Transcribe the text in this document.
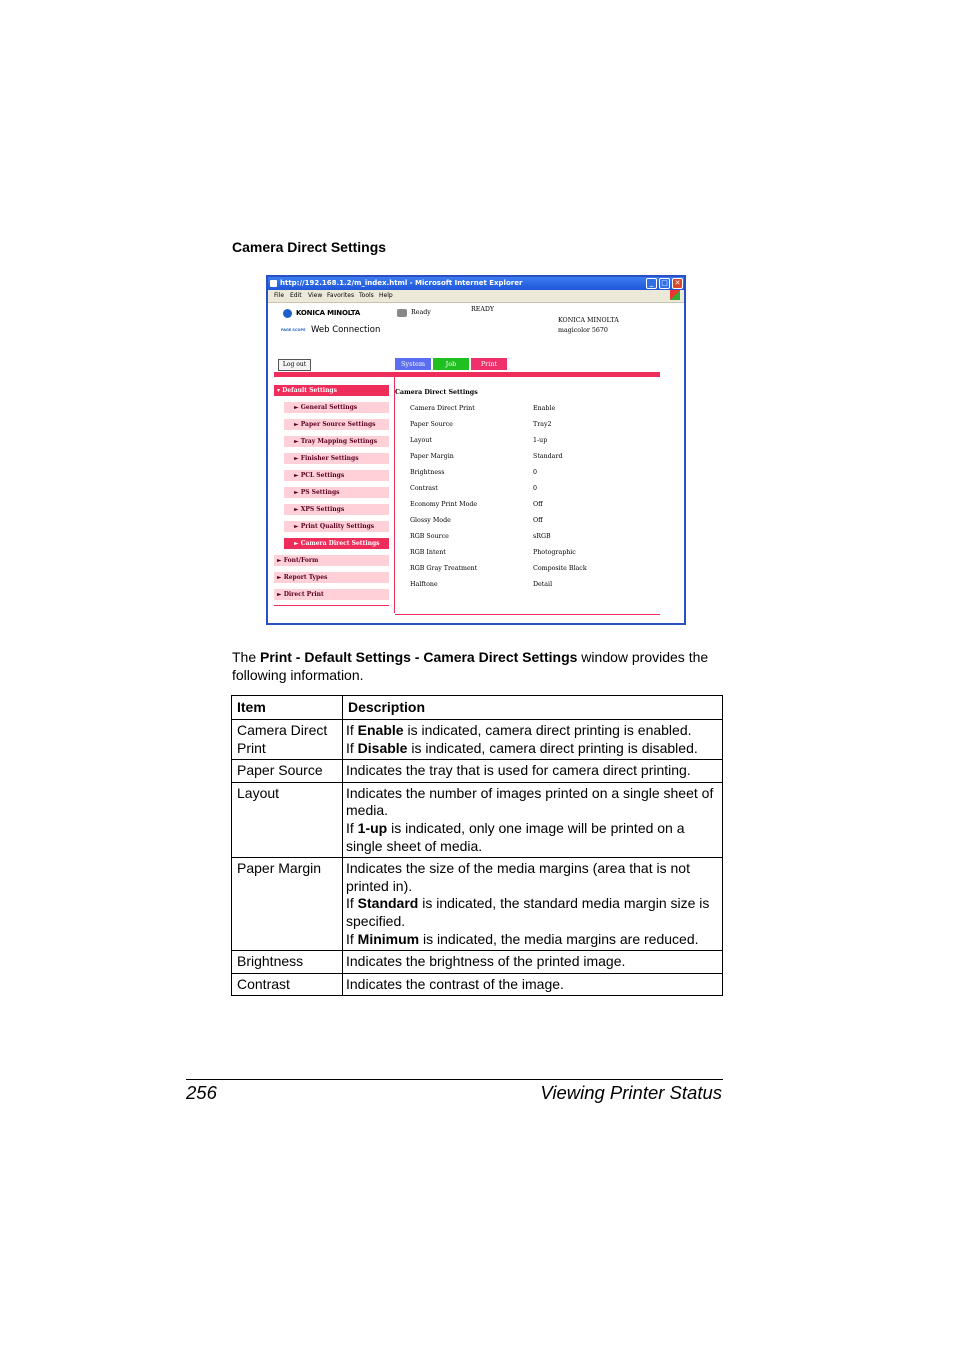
Camera Direct Settings
http://192.168.1.2/m_index.html - Microsoft Internet Explorer	_	□ ✕
File Edit View Favorites Tools Help
KONICA MINOLTA
PAGE SCOPE Web Connection
Ready	READY
KONICA MINOLTA
magicolor 5670
Log out	System	Job	Print
▾ Default Settings
► General Settings
► Paper Source Settings
► Tray Mapping Settings
► Finisher Settings
► PCL Settings
► PS Settings
► XPS Settings
► Print Quality Settings
► Camera Direct Settings
► Font/Form
► Report Types
► Direct Print
Camera Direct Settings
Camera Direct Print	Enable
Paper Source	Tray2
Layout	1-up
Paper Margin	Standard
Brightness	0
Contrast	0
Economy Print Mode	Off
Glossy Mode	Off
RGB Source	sRGB
RGB Intent	Photographic
RGB Gray Treatment	Composite Black
Halftone	Detail
The Print - Default Settings - Camera Direct Settings window provides the following information.
Item	Description
Camera Direct Print	If Enable is indicated, camera direct printing is enabled.
If Disable is indicated, camera direct printing is disabled.

Paper Source	Indicates the tray that is used for camera direct printing.

Layout	Indicates the number of images printed on a single sheet of media.
If 1-up is indicated, only one image will be printed on a single sheet of media.

Paper Margin	Indicates the size of the media margins (area that is not printed in).
If Standard is indicated, the standard media margin size is specified.
If Minimum is indicated, the media margins are reduced.

Brightness	Indicates the brightness of the printed image.

Contrast	Indicates the contrast of the image.
256	Viewing Printer Status
